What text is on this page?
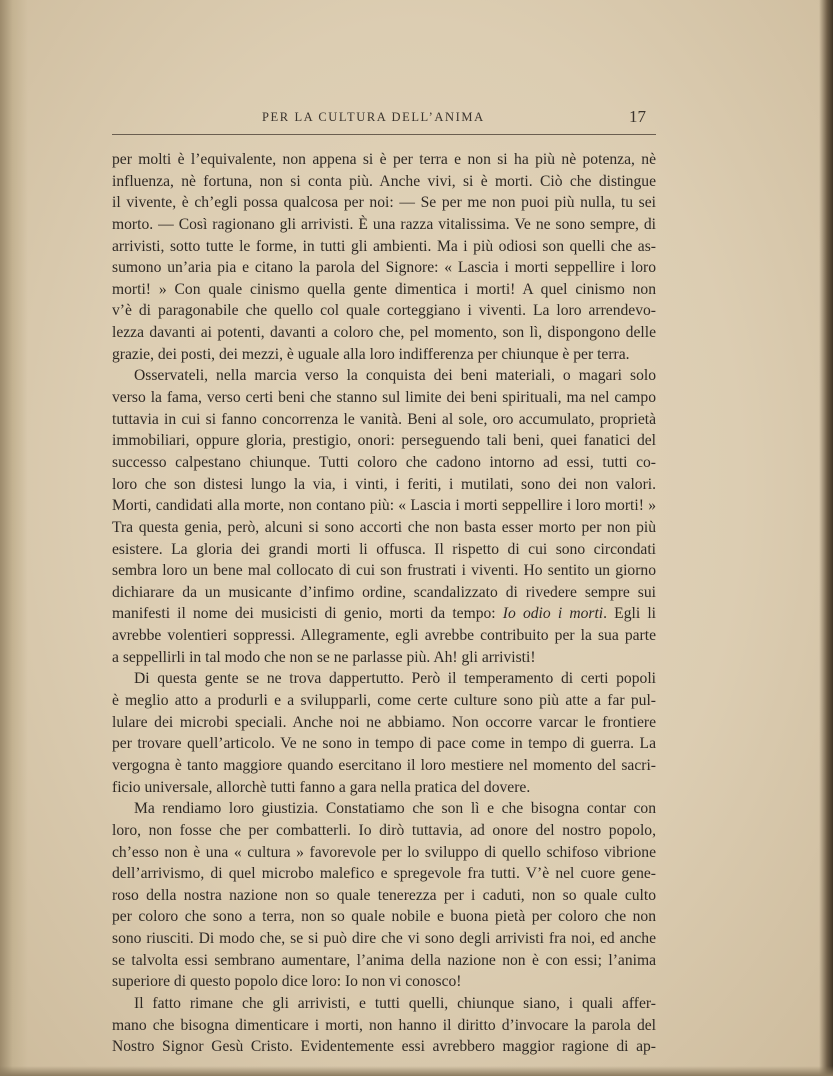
PER LA CULTURA DELL’ANIMA	17
per molti è l’equivalente, non appena si è per terra e non si ha più nè potenza, nè
influenza, nè fortuna, non si conta più. Anche vivi, si è morti. Ciò che distingue
il vivente, è ch’egli possa qualcosa per noi: — Se per me non puoi più nulla, tu sei
morto. — Così ragionano gli arrivisti. È una razza vitalissima. Ve ne sono sempre, di
arrivisti, sotto tutte le forme, in tutti gli ambienti. Ma i più odiosi son quelli che as-
sumono un’aria pia e citano la parola del Signore: « Lascia i morti seppellire i loro
morti! » Con quale cinismo quella gente dimentica i morti! A quel cinismo non
v’è di paragonabile che quello col quale corteggiano i viventi. La loro arrendevo-
lezza davanti ai potenti, davanti a coloro che, pel momento, son lì, dispongono delle
grazie, dei posti, dei mezzi, è uguale alla loro indifferenza per chiunque è per terra.
Osservateli, nella marcia verso la conquista dei beni materiali, o magari solo
verso la fama, verso certi beni che stanno sul limite dei beni spirituali, ma nel campo
tuttavia in cui si fanno concorrenza le vanità. Beni al sole, oro accumulato, proprietà
immobiliari, oppure gloria, prestigio, onori: perseguendo tali beni, quei fanatici del
successo calpestano chiunque. Tutti coloro che cadono intorno ad essi, tutti co-
loro che son distesi lungo la via, i vinti, i feriti, i mutilati, sono dei non valori.
Morti, candidati alla morte, non contano più: « Lascia i morti seppellire i loro morti! »
Tra questa genia, però, alcuni si sono accorti che non basta esser morto per non più
esistere. La gloria dei grandi morti li offusca. Il rispetto di cui sono circondati
sembra loro un bene mal collocato di cui son frustrati i viventi. Ho sentito un giorno
dichiarare da un musicante d’infimo ordine, scandalizzato di rivedere sempre sui
manifesti il nome dei musicisti di genio, morti da tempo: Io odio i morti. Egli li
avrebbe volentieri soppressi. Allegramente, egli avrebbe contribuito per la sua parte
a seppellirli in tal modo che non se ne parlasse più. Ah! gli arrivisti!
Di questa gente se ne trova dappertutto. Però il temperamento di certi popoli
è meglio atto a produrli e a svilupparli, come certe culture sono più atte a far pul-
lulare dei microbi speciali. Anche noi ne abbiamo. Non occorre varcar le frontiere
per trovare quell’articolo. Ve ne sono in tempo di pace come in tempo di guerra. La
vergogna è tanto maggiore quando esercitano il loro mestiere nel momento del sacri-
ficio universale, allorchè tutti fanno a gara nella pratica del dovere.
Ma rendiamo loro giustizia. Constatiamo che son lì e che bisogna contar con
loro, non fosse che per combatterli. Io dirò tuttavia, ad onore del nostro popolo,
ch’esso non è una « cultura » favorevole per lo sviluppo di quello schifoso vibrione
dell’arrivismo, di quel microbo malefico e spregevole fra tutti. V’è nel cuore gene-
roso della nostra nazione non so quale tenerezza per i caduti, non so quale culto
per coloro che sono a terra, non so quale nobile e buona pietà per coloro che non
sono riusciti. Di modo che, se si può dire che vi sono degli arrivisti fra noi, ed anche
se talvolta essi sembrano aumentare, l’anima della nazione non è con essi; l’anima
superiore di questo popolo dice loro: Io non vi conosco!
Il fatto rimane che gli arrivisti, e tutti quelli, chiunque siano, i quali affer-
mano che bisogna dimenticare i morti, non hanno il diritto d’invocare la parola del
Nostro Signor Gesù Cristo. Evidentemente essi avrebbero maggior ragione di ap-
